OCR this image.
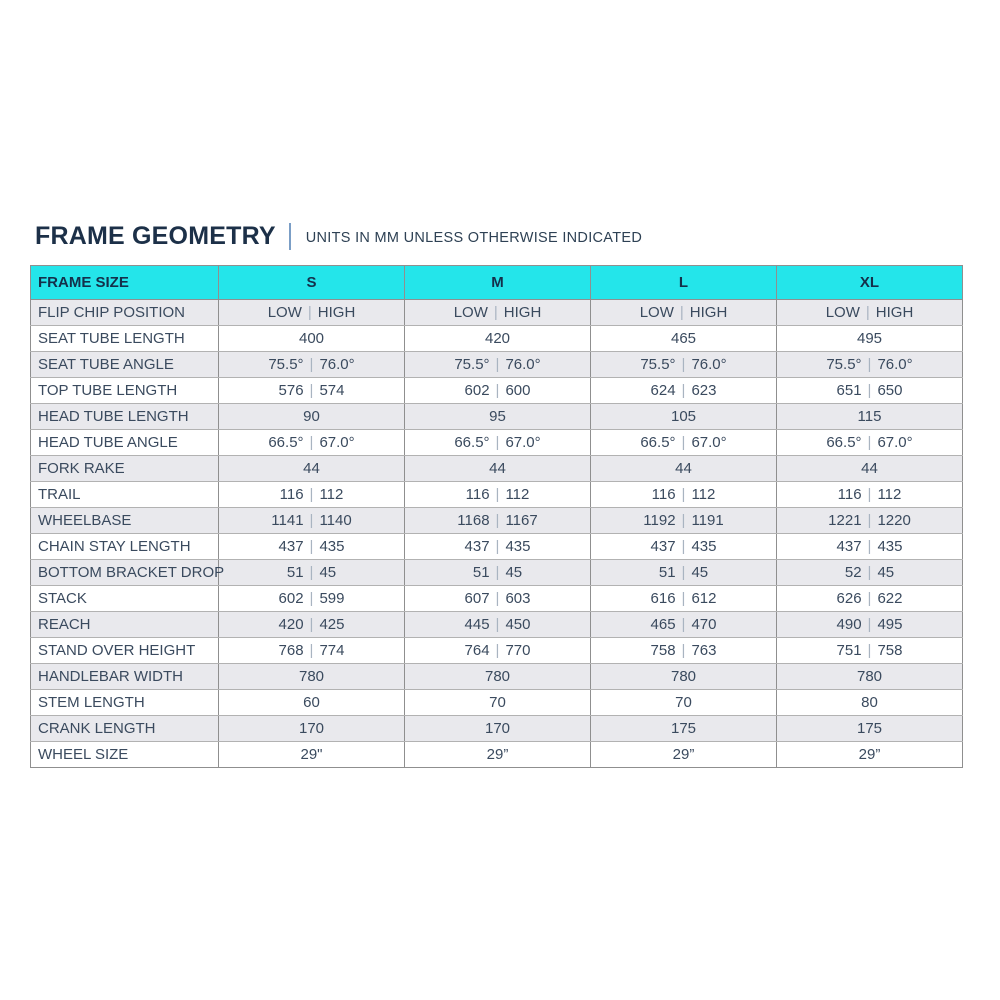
FRAME GEOMETRY UNITS IN MM UNLESS OTHERWISE INDICATED
FRAME SIZE	S	M	L	XL
FLIP CHIP POSITION	LOW | HIGH	LOW | HIGH	LOW | HIGH	LOW | HIGH
SEAT TUBE LENGTH	400	420	465	495
SEAT TUBE ANGLE	75.5° | 76.0°	75.5° | 76.0°	75.5° | 76.0°	75.5° | 76.0°
TOP TUBE LENGTH	576 | 574	602 | 600	624 | 623	651 | 650
HEAD TUBE LENGTH	90	95	105	115
HEAD TUBE ANGLE	66.5° | 67.0°	66.5° | 67.0°	66.5° | 67.0°	66.5° | 67.0°
FORK RAKE	44	44	44	44
TRAIL	116 | 112	116 | 112	116 | 112	116 | 112
WHEELBASE	1141 | 1140	1168 | 1167	1192 | 1191	1221 | 1220
CHAIN STAY LENGTH	437 | 435	437 | 435	437 | 435	437 | 435
BOTTOM BRACKET DROP	51 | 45	51 | 45	51 | 45	52 | 45
STACK	602 | 599	607 | 603	616 | 612	626 | 622
REACH	420 | 425	445 | 450	465 | 470	490 | 495
STAND OVER HEIGHT	768 | 774	764 | 770	758 | 763	751 | 758
HANDLEBAR WIDTH	780	780	780	780
STEM LENGTH	60	70	70	80
CRANK LENGTH	170	170	175	175
WHEEL SIZE	29"	29”	29”	29”
